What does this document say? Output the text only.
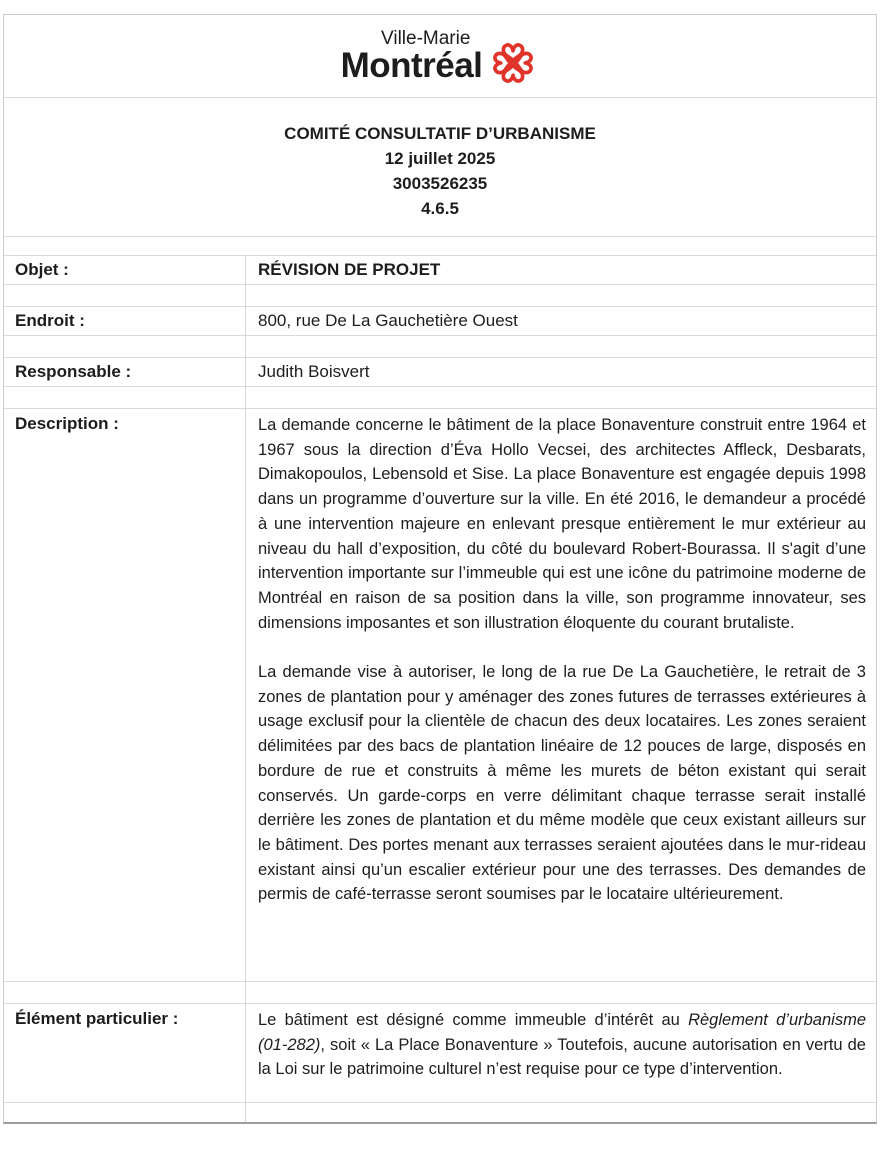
Ville-Marie
Montréal
COMITÉ CONSULTATIF D’URBANISME
12 juillet 2025
3003526235
4.6.5
Objet :	RÉVISION DE PROJET
Endroit :	800, rue De La Gauchetière Ouest
Responsable :	Judith Boisvert
Description :	La demande concerne le bâtiment de la place Bonaventure construit entre 1964 et 1967 sous la direction d’Éva Hollo Vecsei, des architectes Affleck, Desbarats, Dimakopoulos, Lebensold et Sise. La place Bonaventure est engagée depuis 1998 dans un programme d’ouverture sur la ville. En été 2016, le demandeur a procédé à une intervention majeure en enlevant presque entièrement le mur extérieur au niveau du hall d’exposition, du côté du boulevard Robert-Bourassa. Il s'agit d’une intervention importante sur l’immeuble qui est une icône du patrimoine moderne de Montréal en raison de sa position dans la ville, son programme innovateur, ses dimensions imposantes et son illustration éloquente du courant brutaliste.

La demande vise à autoriser, le long de la rue De La Gauchetière, le retrait de 3 zones de plantation pour y aménager des zones futures de terrasses extérieures à usage exclusif pour la clientèle de chacun des deux locataires. Les zones seraient délimitées par des bacs de plantation linéaire de 12 pouces de large, disposés en bordure de rue et construits à même les murets de béton existant qui serait conservés. Un garde-corps en verre délimitant chaque terrasse serait installé derrière les zones de plantation et du même modèle que ceux existant ailleurs sur le bâtiment. Des portes menant aux terrasses seraient ajoutées dans le mur-rideau existant ainsi qu’un escalier extérieur pour une des terrasses. Des demandes de permis de café-terrasse seront soumises par le locataire ultérieurement.

Élément particulier :	Le bâtiment est désigné comme immeuble d’intérêt au Règlement d’urbanisme (01-282), soit « La Place Bonaventure » Toutefois, aucune autorisation en vertu de la Loi sur le patrimoine culturel n’est requise pour ce type d’intervention.
